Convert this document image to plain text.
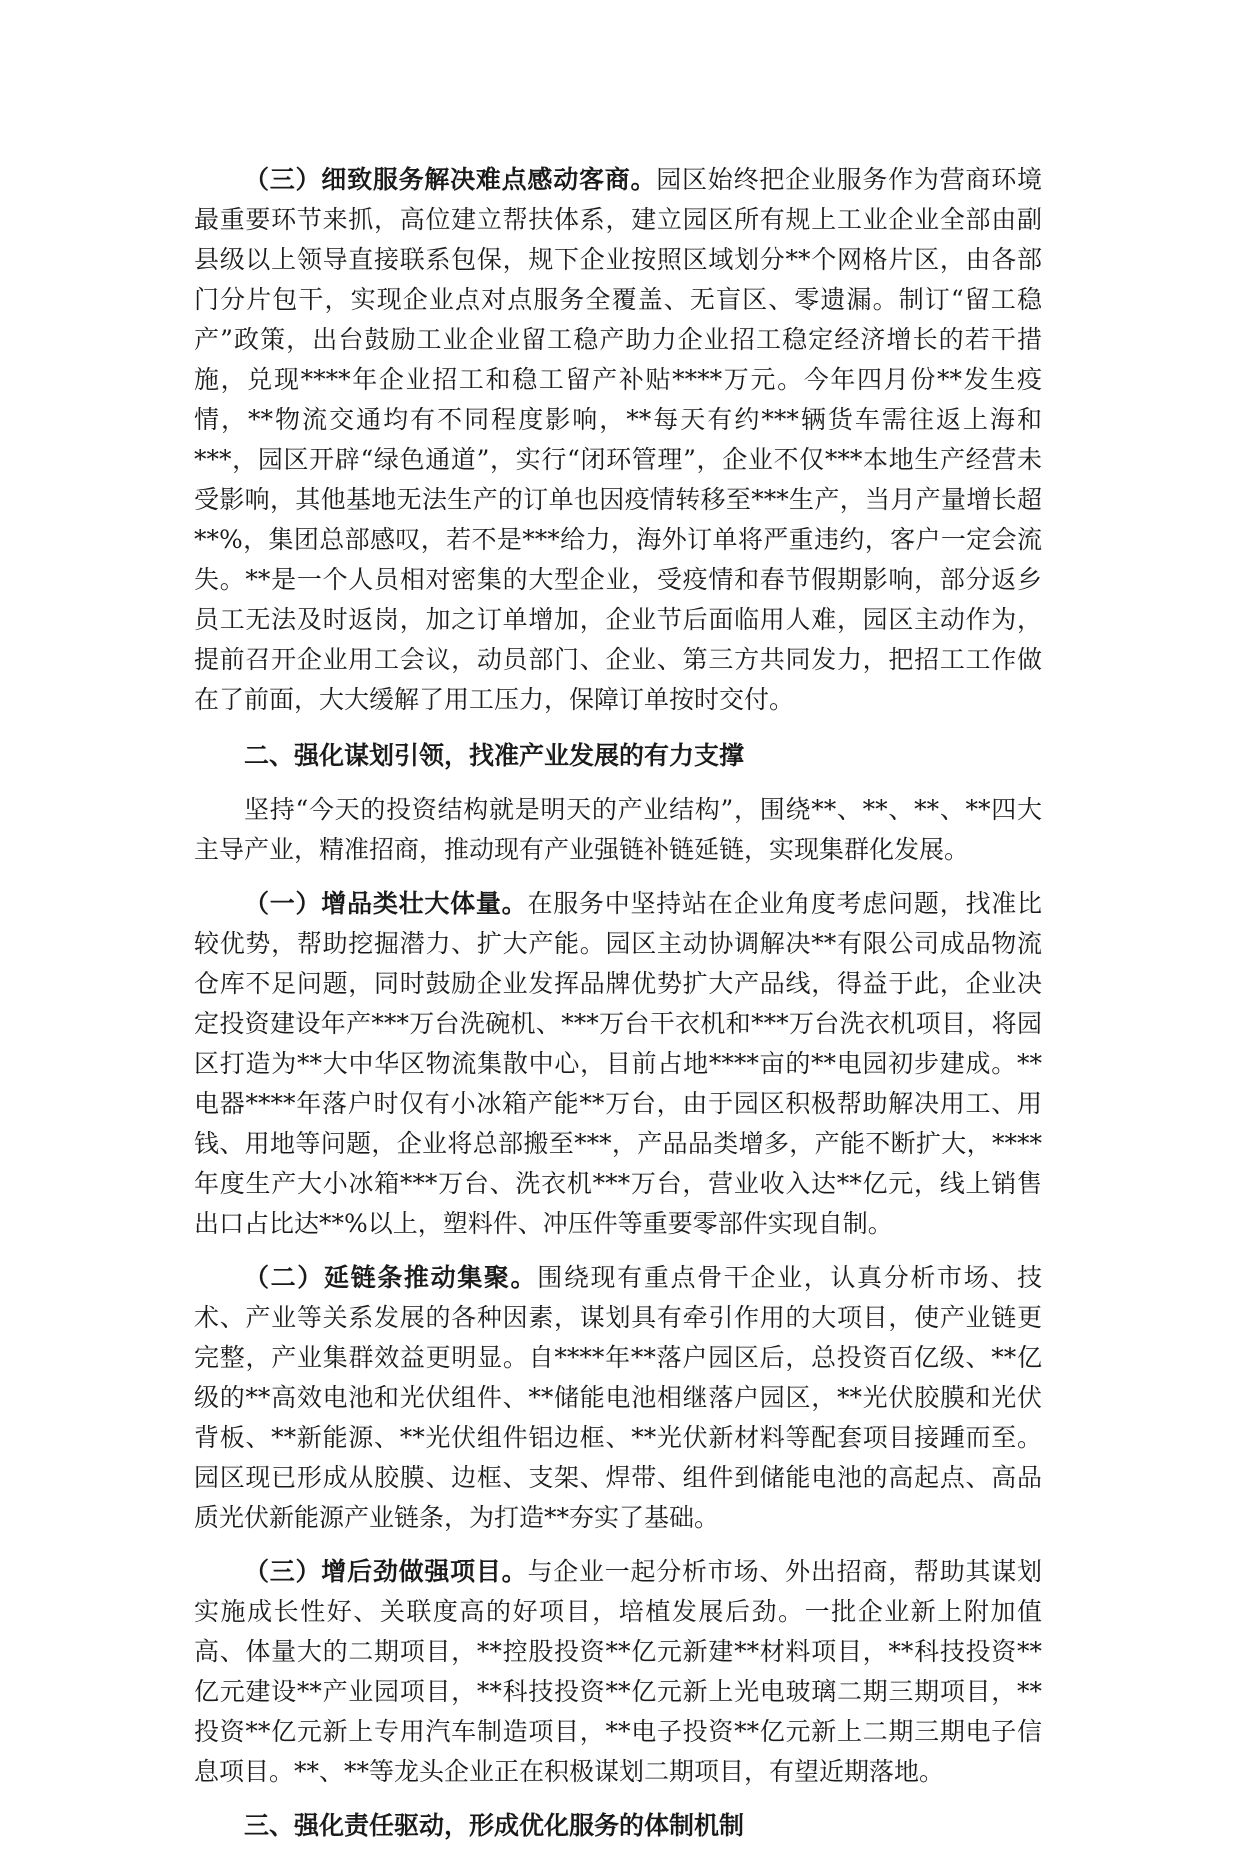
（三）细致服务解决难点感动客商。园区始终把企业服务作为营商环境最重要环节来抓，高位建立帮扶体系，建立园区所有规上工业企业全部由副县级以上领导直接联系包保，规下企业按照区域划分**个网格片区，由各部门分片包干，实现企业点对点服务全覆盖、无盲区、零遗漏。制订“留工稳产”政策，出台鼓励工业企业留工稳产助力企业招工稳定经济增长的若干措施，兑现****年企业招工和稳工留产补贴****万元。今年四月份**发生疫情，**物流交通均有不同程度影响，**每天有约***辆货车需往返上海和***，园区开辟“绿色通道”，实行“闭环管理”，企业不仅***本地生产经营未受影响，其他基地无法生产的订单也因疫情转移至***生产，当月产量增长超**%，集团总部感叹，若不是***给力，海外订单将严重违约，客户一定会流失。**是一个人员相对密集的大型企业，受疫情和春节假期影响，部分返乡员工无法及时返岗，加之订单增加，企业节后面临用人难，园区主动作为，提前召开企业用工会议，动员部门、企业、第三方共同发力，把招工工作做在了前面，大大缓解了用工压力，保障订单按时交付。

二、强化谋划引领，找准产业发展的有力支撑

坚持“今天的投资结构就是明天的产业结构”，围绕**、**、**、**四大主导产业，精准招商，推动现有产业强链补链延链，实现集群化发展。

（一）增品类壮大体量。在服务中坚持站在企业角度考虑问题，找准比较优势，帮助挖掘潜力、扩大产能。园区主动协调解决**有限公司成品物流仓库不足问题，同时鼓励企业发挥品牌优势扩大产品线，得益于此，企业决定投资建设年产***万台洗碗机、***万台干衣机和***万台洗衣机项目，将园区打造为**大中华区物流集散中心，目前占地****亩的**电园初步建成。**电器****年落户时仅有小冰箱产能**万台，由于园区积极帮助解决用工、用钱、用地等问题，企业将总部搬至***，产品品类增多，产能不断扩大，****年度生产大小冰箱***万台、洗衣机***万台，营业收入达**亿元，线上销售出口占比达**%以上，塑料件、冲压件等重要零部件实现自制。

（二）延链条推动集聚。围绕现有重点骨干企业，认真分析市场、技术、产业等关系发展的各种因素，谋划具有牵引作用的大项目，使产业链更完整，产业集群效益更明显。自****年**落户园区后，总投资百亿级、**亿级的**高效电池和光伏组件、**储能电池相继落户园区，**光伏胶膜和光伏背板、**新能源、**光伏组件铝边框、**光伏新材料等配套项目接踵而至。园区现已形成从胶膜、边框、支架、焊带、组件到储能电池的高起点、高品质光伏新能源产业链条，为打造**夯实了基础。

（三）增后劲做强项目。与企业一起分析市场、外出招商，帮助其谋划实施成长性好、关联度高的好项目，培植发展后劲。一批企业新上附加值高、体量大的二期项目，**控股投资**亿元新建**材料项目，**科技投资**亿元建设**产业园项目，**科技投资**亿元新上光电玻璃二期三期项目，**投资**亿元新上专用汽车制造项目，**电子投资**亿元新上二期三期电子信息项目。**、**等龙头企业正在积极谋划二期项目，有望近期落地。

三、强化责任驱动，形成优化服务的体制机制
